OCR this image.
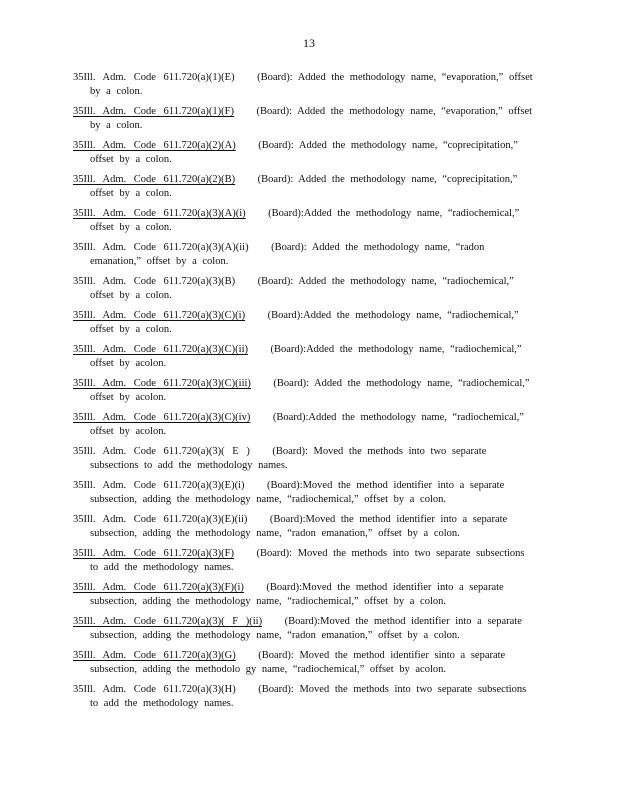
13
35Ill. Adm. Code 611.720(a)(1)(E) (Board): Added the methodology name, “evaporation,” offset by a colon.
35Ill. Adm. Code 611.720(a)(1)(F) (Board): Added the methodology name, “evaporation,” offset by a colon.
35Ill. Adm. Code 611.720(a)(2)(A) (Board): Added the methodology name, “coprecipitation,” offset by a colon.
35Ill. Adm. Code 611.720(a)(2)(B) (Board): Added the methodology name, “coprecipitation,” offset by a colon.
35Ill. Adm. Code 611.720(a)(3)(A)(i) (Board):Added the methodology name, “radiochemical,” offset by a colon.
35Ill. Adm. Code 611.720(a)(3)(A)(ii) (Board): Added the methodology name, “radon emanation,” offset by a colon.
35Ill. Adm. Code 611.720(a)(3)(B) (Board): Added the methodology name, “radiochemical,” offset by a colon.
35Ill. Adm. Code 611.720(a)(3)(C)(i) (Board):Added the methodology name, “radiochemical,” offset by a colon.
35Ill. Adm. Code 611.720(a)(3)(C)(ii) (Board):Added the methodology name, “radiochemical,” offset by acolon.
35Ill. Adm. Code 611.720(a)(3)(C)(iii) (Board): Added the methodology name, “radiochemical,” offset by acolon.
35Ill. Adm. Code 611.720(a)(3)(C)(iv) (Board):Added the methodology name, “radiochemical,” offset by acolon.
35Ill. Adm. Code 611.720(a)(3)( E ) (Board): Moved the methods into two separate subsections to add the methodology names.
35Ill. Adm. Code 611.720(a)(3)(E)(i) (Board):Moved the method identifier into a separate subsection, adding the methodology name, “radiochemical,” offset by a colon.
35Ill. Adm. Code 611.720(a)(3)(E)(ii) (Board):Moved the method identifier into a separate subsection, adding the methodology name, “radon emanation,” offset by a colon.
35Ill. Adm. Code 611.720(a)(3)(F) (Board): Moved the methods into two separate subsections to add the methodology names.
35Ill. Adm. Code 611.720(a)(3)(F)(i) (Board):Moved the method identifier into a separate subsection, adding the methodology name, “radiochemical,” offset by a colon.
35Ill. Adm. Code 611.720(a)(3)( F )(ii) (Board):Moved the method identifier into a separate subsection, adding the methodology name, “radon emanation,” offset by a colon.
35Ill. Adm. Code 611.720(a)(3)(G) (Board): Moved the method identifier sinto a separate subsection, adding the methodolo gy name, “radiochemical,” offset by acolon.
35Ill. Adm. Code 611.720(a)(3)(H) (Board): Moved the methods into two separate subsections to add the methodology names.
